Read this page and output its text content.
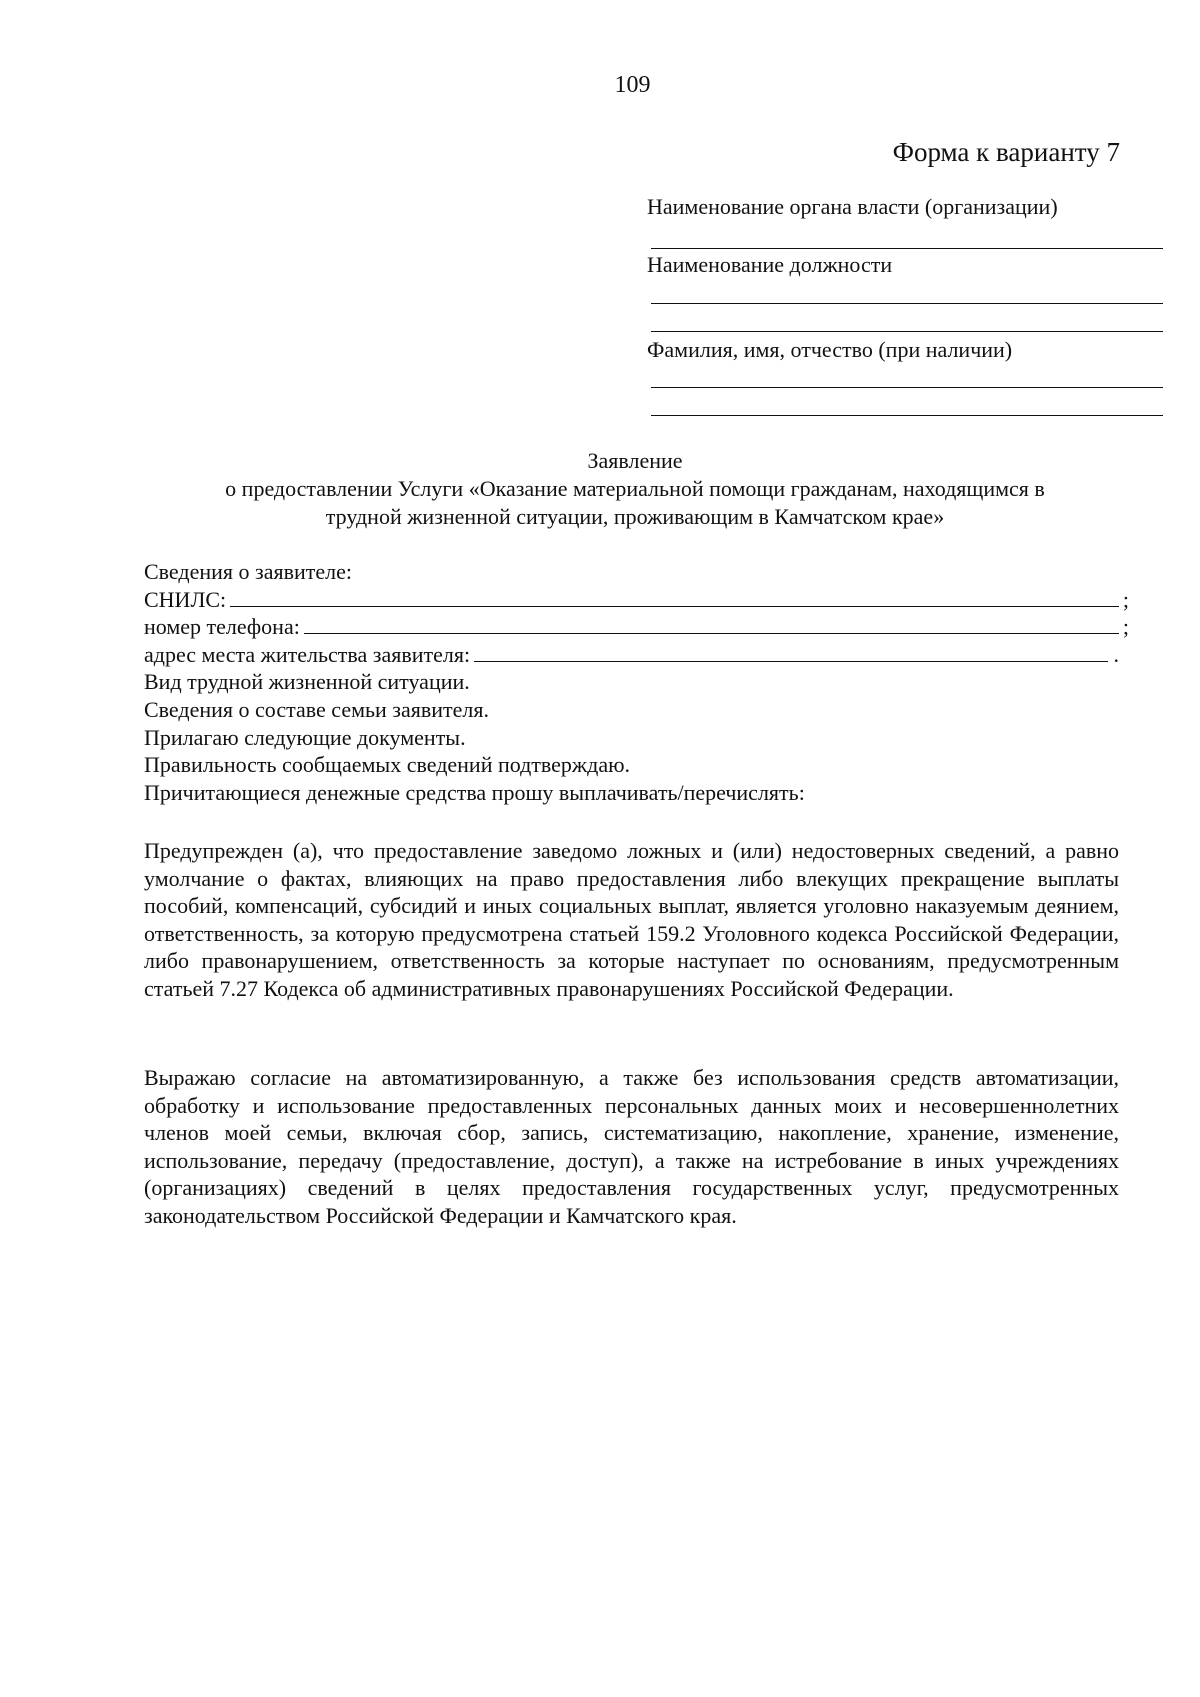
109
Форма к варианту 7
Наименование органа власти (организации)
Наименование должности
Фамилия, имя, отчество (при наличии)
Заявление
о предоставлении Услуги «Оказание материальной помощи гражданам, находящимся в
трудной жизненной ситуации, проживающим в Камчатском крае»
Сведения о заявителе:
СНИЛС:	;
номер телефона:	;
адрес места жительства заявителя:	.
Вид трудной жизненной ситуации.
Сведения о составе семьи заявителя.
Прилагаю следующие документы.
Правильность сообщаемых сведений подтверждаю.
Причитающиеся денежные средства прошу выплачивать/перечислять:
Предупрежден (а), что предоставление заведомо ложных и (или) недостоверных сведений, а равно умолчание о фактах, влияющих на право предоставления либо влекущих прекращение выплаты пособий, компенсаций, субсидий и иных социальных выплат, является уголовно наказуемым деянием, ответственность, за которую предусмотрена статьей 159.2 Уголовного кодекса Российской Федерации, либо правонарушением, ответственность за которые наступает по основаниям, предусмотренным статьей 7.27 Кодекса об административных правонарушениях Российской Федерации.
Выражаю согласие на автоматизированную, а также без использования средств автоматизации, обработку и использование предоставленных персональных данных моих и несовершеннолетних членов моей семьи, включая сбор, запись, систематизацию, накопление, хранение, изменение, использование, передачу (предоставление, доступ), а также на истребование в иных учреждениях (организациях) сведений в целях предоставления государственных услуг, предусмотренных законодательством Российской Федерации и Камчатского края.
